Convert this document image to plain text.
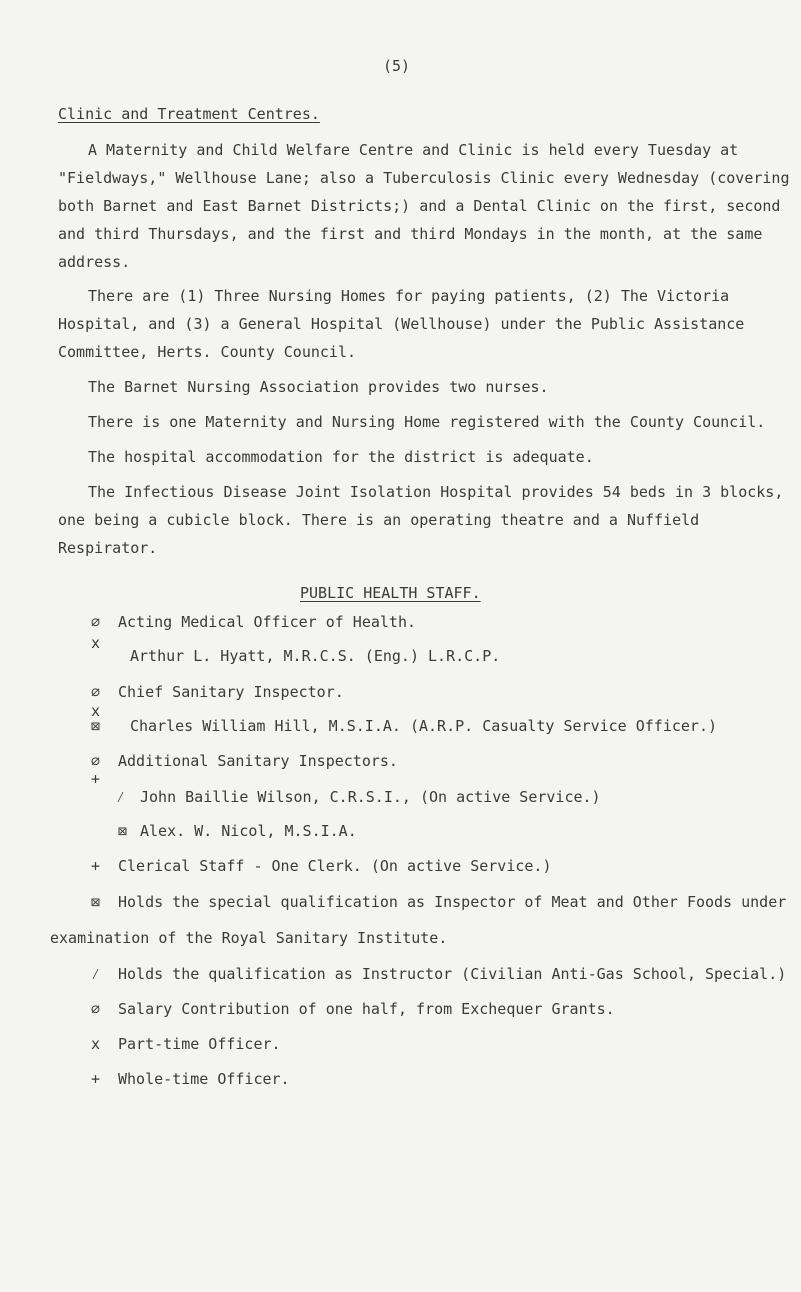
(5)
Clinic and Treatment Centres.
A Maternity and Child Welfare Centre and Clinic is held every Tuesday at
"Fieldways," Wellhouse Lane; also a Tuberculosis Clinic every Wednesday (covering
both Barnet and East Barnet Districts;) and a Dental Clinic on the first, second
and third Thursdays, and the first and third Mondays in the month, at the same
address.
There are (1) Three Nursing Homes for paying patients, (2) The Victoria
Hospital, and (3) a General Hospital (Wellhouse) under the Public Assistance
Committee, Herts. County Council.
The Barnet Nursing Association provides two nurses.
There is one Maternity and Nursing Home registered with the County Council.
The hospital accommodation for the district is adequate.
The Infectious Disease Joint Isolation Hospital provides 54 beds in 3 blocks,
one being a cubicle block. There is an operating theatre and a Nuffield
Respirator.
PUBLIC HEALTH STAFF.
⌀ Acting Medical Officer of Health.
x
Arthur L. Hyatt, M.R.C.S. (Eng.) L.R.C.P.
⌀ Chief Sanitary Inspector.
x
⊠ Charles William Hill, M.S.I.A. (A.R.P. Casualty Service Officer.)
⌀ Additional Sanitary Inspectors.
+
⁄ John Baillie Wilson, C.R.S.I., (On active Service.)
⊠ Alex. W. Nicol, M.S.I.A.
+ Clerical Staff - One Clerk. (On active Service.)
⊠ Holds the special qualification as Inspector of Meat and Other Foods under
examination of the Royal Sanitary Institute.
⁄ Holds the qualification as Instructor (Civilian Anti-Gas School, Special.)
⌀ Salary Contribution of one half, from Exchequer Grants.
x Part-time Officer.
+ Whole-time Officer.
